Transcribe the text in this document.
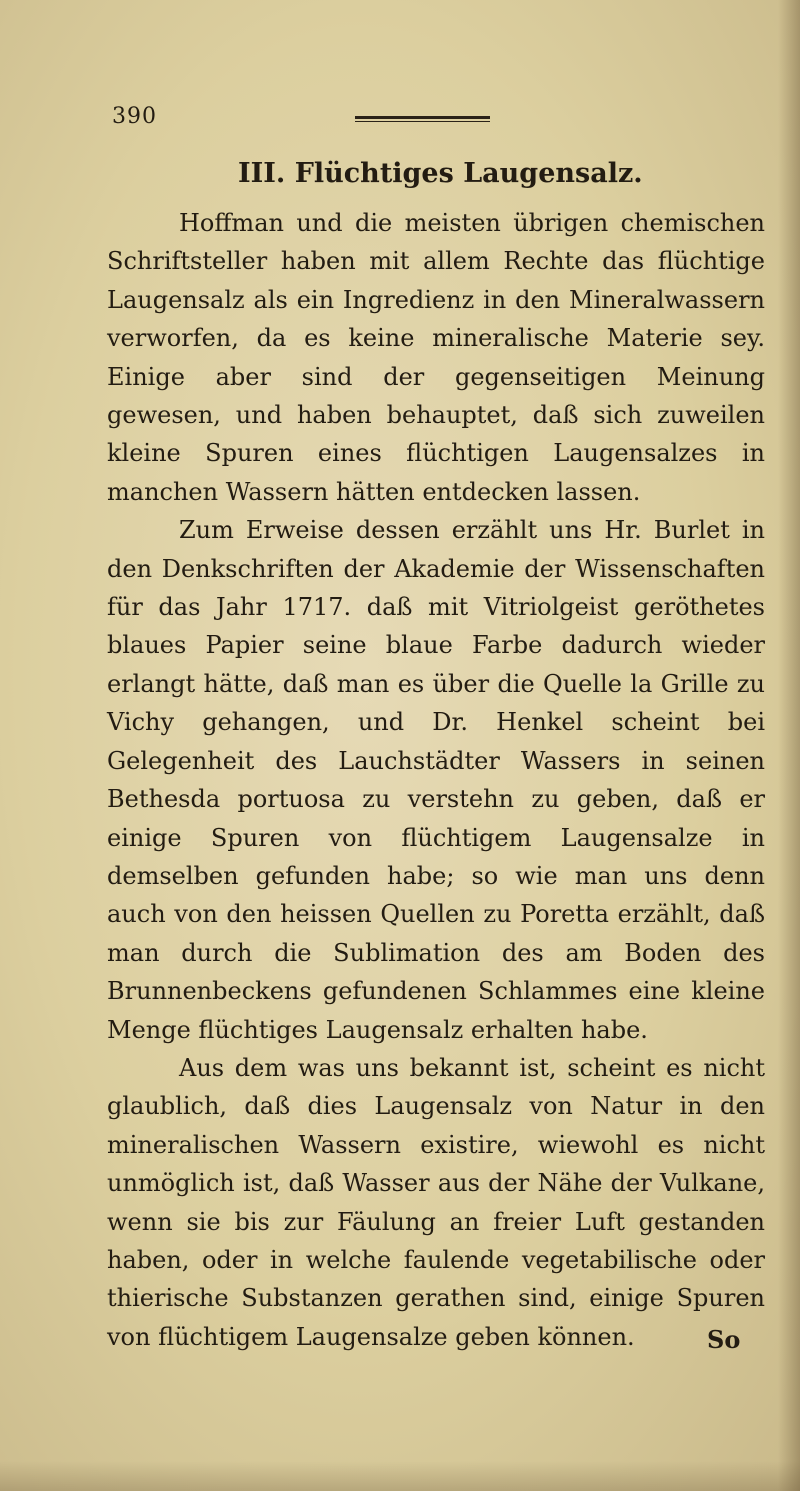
390
III. Flüchtiges Laugensalz.

Hoffman und die meisten übrigen chemischen Schriftsteller haben mit allem Rechte das flüchtige Laugensalz als ein Ingredienz in den Mineralwassern verworfen, da es keine mineralische Materie sey. Einige aber sind der gegenseitigen Meinung gewesen, und haben behauptet, daß sich zuweilen kleine Spuren eines flüchtigen Laugensalzes in manchen Wassern hätten entdecken lassen.

Zum Erweise dessen erzählt uns Hr. Burlet in den Denkschriften der Akademie der Wissenschaften für das Jahr 1717. daß mit Vitriolgeist geröthetes blaues Papier seine blaue Farbe dadurch wieder erlangt hätte, daß man es über die Quelle la Grille zu Vichy gehangen, und Dr. Henkel scheint bei Gelegenheit des Lauchstädter Wassers in seinen Bethesda portuosa zu verstehn zu geben, daß er einige Spuren von flüchtigem Laugensalze in demselben gefunden habe; so wie man uns denn auch von den heissen Quellen zu Poretta erzählt, daß man durch die Sublimation des am Boden des Brunnenbeckens gefundenen Schlammes eine kleine Menge flüchtiges Laugensalz erhalten habe.

Aus dem was uns bekannt ist, scheint es nicht glaublich, daß dies Laugensalz von Natur in den mineralischen Wassern existire, wiewohl es nicht unmöglich ist, daß Wasser aus der Nähe der Vulkane, wenn sie bis zur Fäulung an freier Luft gestanden haben, oder in welche faulende vegetabilische oder thierische Substanzen gerathen sind, einige Spuren von flüchtigem Laugensalze geben können.	So
